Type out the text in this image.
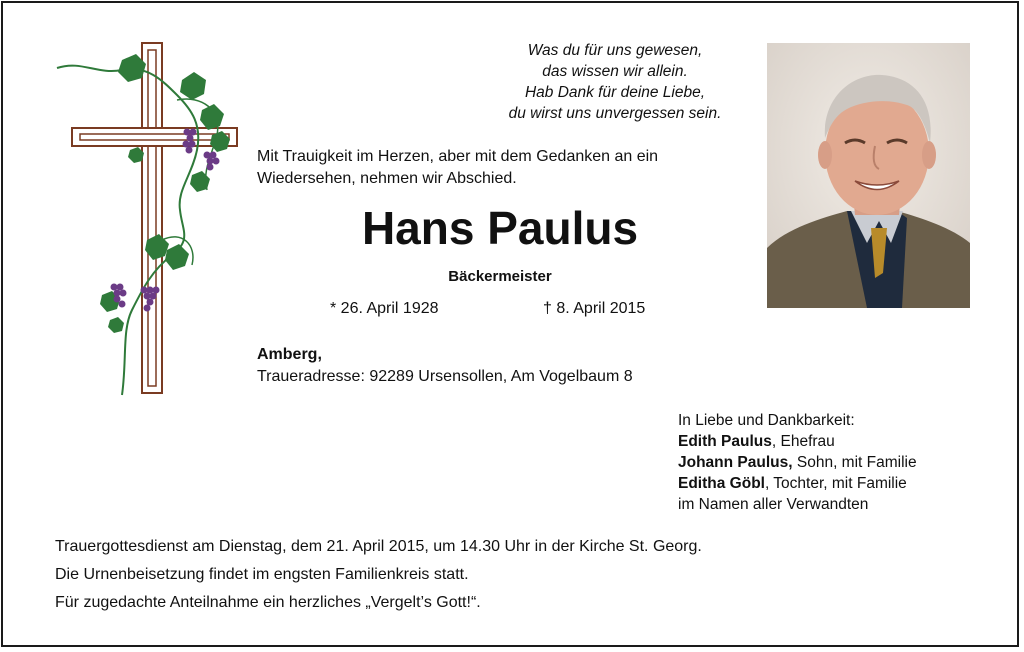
Was du für uns gewesen,
das wissen wir allein.
Hab Dank für deine Liebe,
du wirst uns unvergessen sein.
Mit Trauigkeit im Herzen, aber mit dem Gedanken an ein
Wiedersehen, nehmen wir Abschied.
Hans Paulus
Bäckermeister
* 26. April 1928	† 8. April 2015
Amberg,
Traueradresse: 92289 Ursensollen, Am Vogelbaum 8
In Liebe und Dankbarkeit:
Edith Paulus, Ehefrau
Johann Paulus, Sohn, mit Familie
Editha Göbl, Tochter, mit Familie
im Namen aller Verwandten
Trauergottesdienst am Dienstag, dem 21. April 2015, um 14.30 Uhr in der Kirche St. Georg.
Die Urnenbeisetzung findet im engsten Familienkreis statt.
Für zugedachte Anteilnahme ein herzliches „Vergelt’s Gott!“.
